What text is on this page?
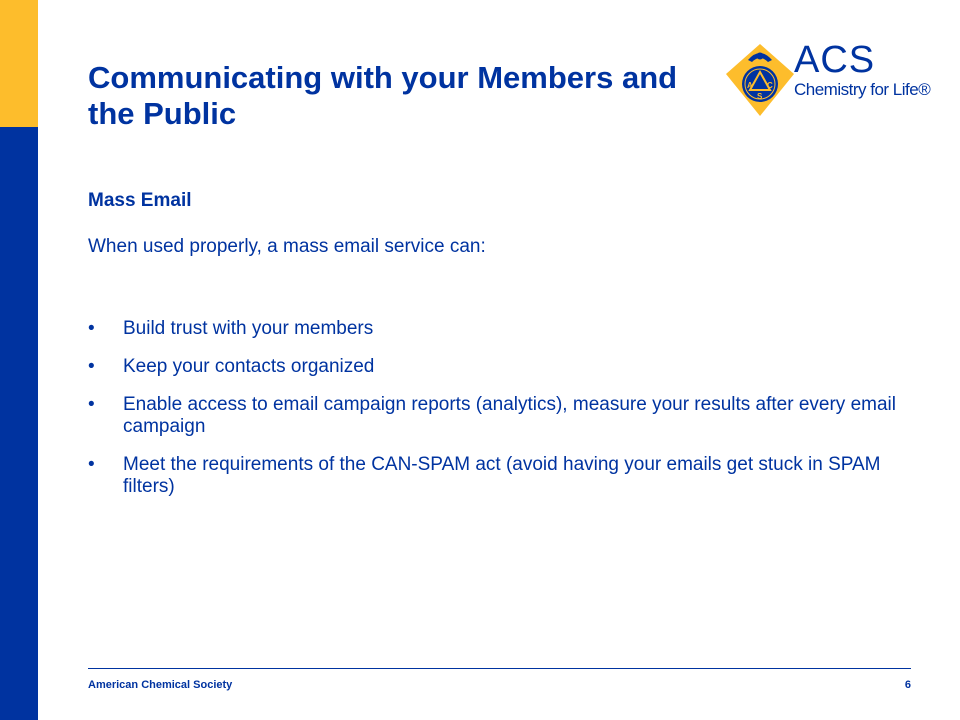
Communicating with your Members and the Public
A C
S

ACS

Chemistry for Life®

Mass Email

When used properly, a mass email service can:

• Build trust with your members
• Keep your contacts organized
• Enable access to email campaign reports (analytics), measure your results after every email campaign
• Meet the requirements of the CAN-SPAM act (avoid having your emails get stuck in SPAM filters)

American Chemical Society	6
